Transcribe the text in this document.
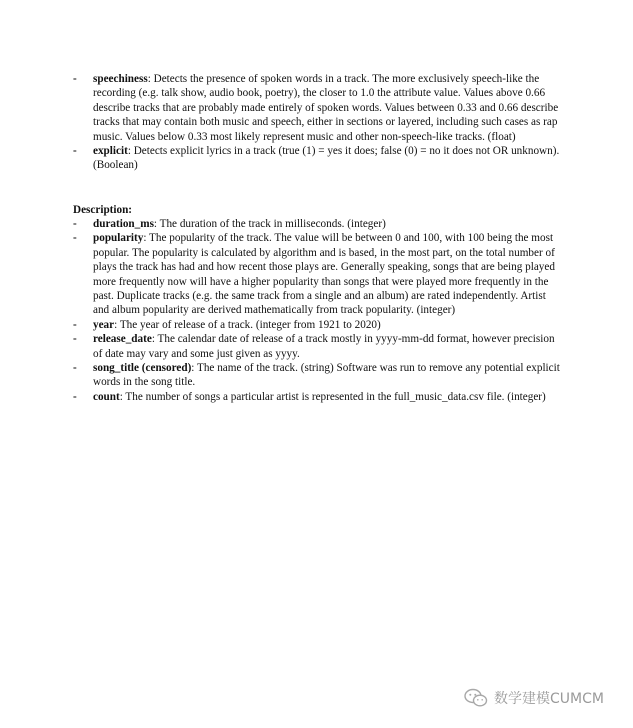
- speechiness: Detects the presence of spoken words in a track. The more exclusively speech-like the recording (e.g. talk show, audio book, poetry), the closer to 1.0 the attribute value. Values above 0.66 describe tracks that are probably made entirely of spoken words. Values between 0.33 and 0.66 describe tracks that may contain both music and speech, either in sections or layered, including such cases as rap music. Values below 0.33 most likely represent music and other non-speech-like tracks. (float)
- explicit: Detects explicit lyrics in a track (true (1) = yes it does; false (0) = no it does not OR unknown). (Boolean)
Description:
- duration_ms: The duration of the track in milliseconds. (integer)
- popularity: The popularity of the track. The value will be between 0 and 100, with 100 being the most popular. The popularity is calculated by algorithm and is based, in the most part, on the total number of plays the track has had and how recent those plays are. Generally speaking, songs that are being played more frequently now will have a higher popularity than songs that were played more frequently in the past. Duplicate tracks (e.g. the same track from a single and an album) are rated independently. Artist and album popularity are derived mathematically from track popularity. (integer)
- year: The year of release of a track. (integer from 1921 to 2020)
- release_date: The calendar date of release of a track mostly in yyyy-mm-dd format, however precision of date may vary and some just given as yyyy.
- song_title (censored): The name of the track. (string) Software was run to remove any potential explicit words in the song title.
- count: The number of songs a particular artist is represented in the full_music_data.csv file. (integer)
数学建模CUMCM
